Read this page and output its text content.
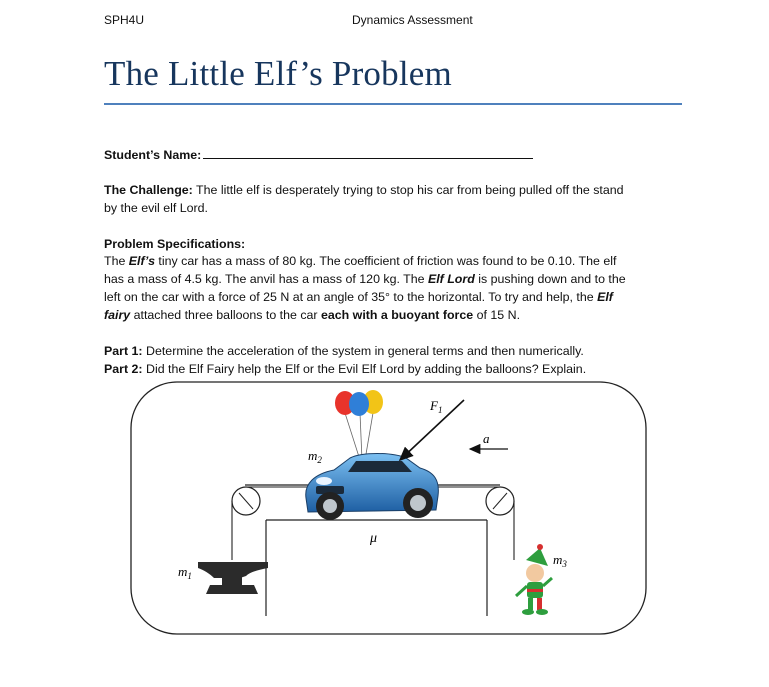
SPH4U	Dynamics Assessment
The Little Elf’s Problem
Student’s Name:
The Challenge: The little elf is desperately trying to stop his car from being pulled off the stand
by the evil elf Lord.
Problem Specifications:
The Elf’s tiny car has a mass of 80 kg. The coefficient of friction was found to be 0.10. The elf
has a mass of 4.5 kg. The anvil has a mass of 120 kg. The Elf Lord is pushing down and to the
left on the car with a force of 25 N at an angle of 35° to the horizontal. To try and help, the Elf
fairy attached three balloons to the car each with a buoyant force of 15 N.
Part 1: Determine the acceleration of the system in general terms and then numerically.
Part 2: Did the Elf Fairy help the Elf or the Evil Elf Lord by adding the balloons? Explain.
$F_1$
a
$m_2$
$m_1$
$m_3$
μ
